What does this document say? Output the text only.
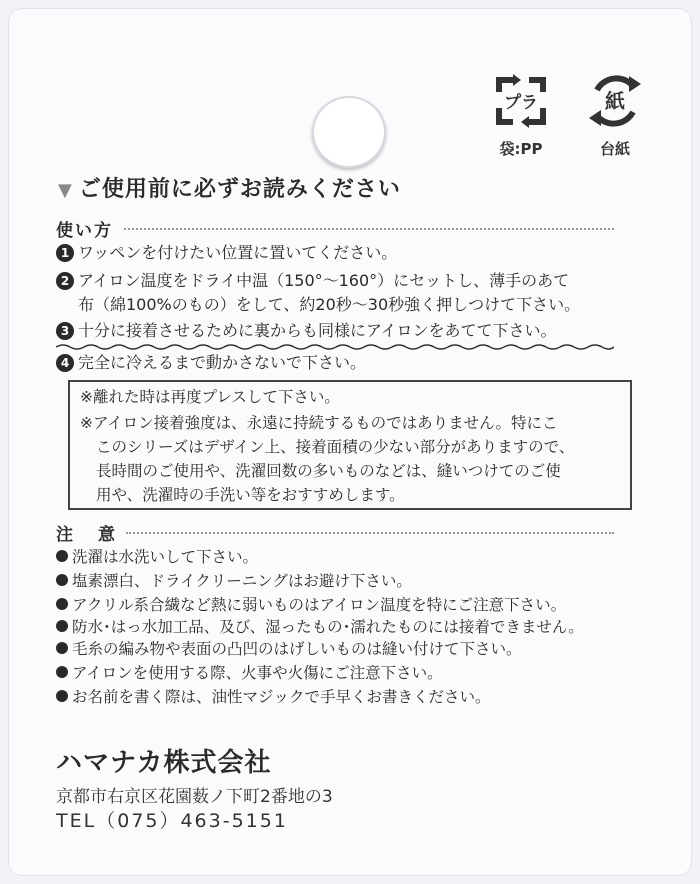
プラ
袋:PP
紙
台紙
▼ ご使用前に必ずお読みください
使い方
1 ワッペンを付けたい位置に置いてください。
2 アイロン温度をドライ中温（150°〜160°）にセットし、薄手のあて
布（綿100%のもの）をして、約20秒〜30秒強く押しつけて下さい。
3 十分に接着させるために裏からも同様にアイロンをあてて下さい。
4 完全に冷えるまで動かさないで下さい。
※離れた時は再度プレスして下さい。
※アイロン接着強度は、永遠に持続するものではありません。特にこ
このシリーズはデザイン上、接着面積の少ない部分がありますので、
長時間のご使用や、洗濯回数の多いものなどは、縫いつけてのご使
用や、洗濯時の手洗い等をおすすめします。
注　意
洗濯は水洗いして下さい。
塩素漂白、ドライクリーニングはお避け下さい。
アクリル系合繊など熱に弱いものはアイロン温度を特にご注意下さい。
防水･はっ水加工品、及び、湿ったもの･濡れたものには接着できません。
毛糸の編み物や表面の凸凹のはげしいものは縫い付けて下さい。
アイロンを使用する際、火事や火傷にご注意下さい。
お名前を書く際は、油性マジックで手早くお書きください。
ハマナカ株式会社
京都市右京区花園薮ノ下町2番地の3
TEL（075）463-5151
